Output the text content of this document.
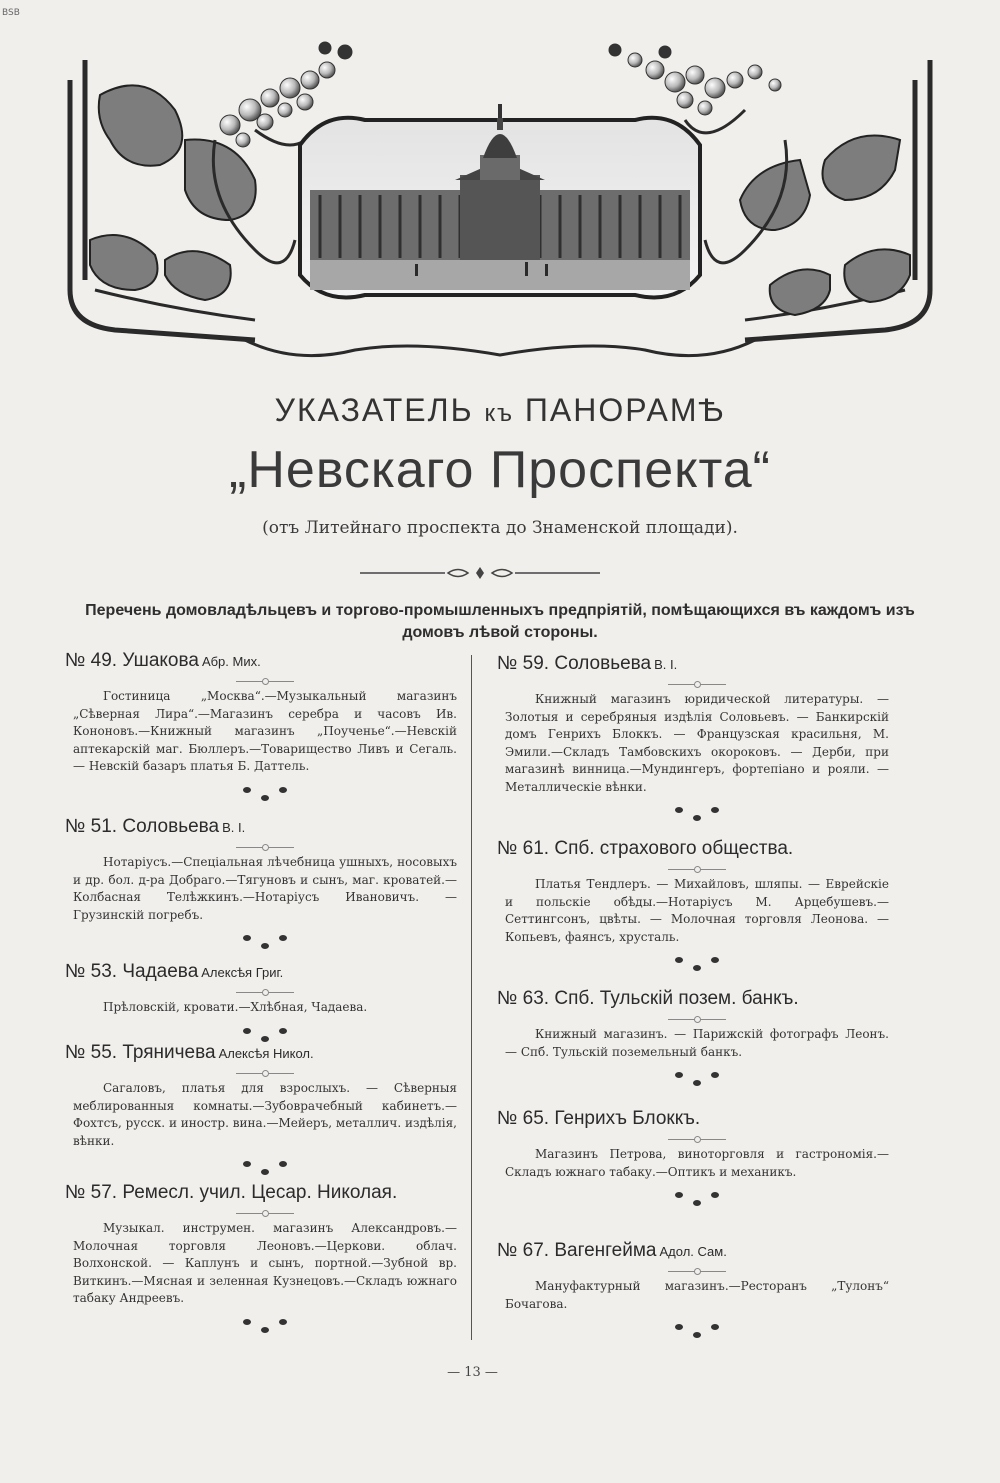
BSB
УКАЗАТЕЛЬ къ ПАНОРАМѢ
„Невскаго Проспекта“
(отъ Литейнаго проспекта до Знаменской площади).
Перечень домовладѣльцевъ и торгово-промышленныхъ предпріятій, помѣщающихся въ каждомъ изъ домовъ лѣвой стороны.
№ 49. Ушакова Абр. Мих.
Гостиница „Москва“.—Музыкальный магазинъ „Сѣверная Лира“.—Магазинъ серебра и часовъ Ив. Кононовъ.—Книжный магазинъ „Поученье“.—Невскій аптекарскій маг. Бюллеръ.—Товарищество Ливъ и Сегаль. — Невскій базаръ платья Б. Даттель.
№ 51. Соловьева В. I.
Нотаріусъ.—Спеціальная лѣчебница ушныхъ, носовыхъ и др. бол. д-ра Добраго.—Тягуновъ и сынъ, маг. кроватей.—Колбасная Телѣжкинъ.—Нотаріусъ Ивановичъ. — Грузинскій погребъ.
№ 53. Чадаева Алексѣя Григ.
Прѣловскій, кровати.—Хлѣбная, Чадаева.
№ 55. Тряничева Алексѣя Никол.
Сагаловъ, платья для взрослыхъ. — Сѣверныя меблированныя комнаты.—Зубоврачебный кабинетъ.—Фохтсъ, русск. и иностр. вина.—Мейеръ, металлич. издѣлія, вѣнки.
№ 57. Ремесл. учил. Цесар. Николая.
Музыкал. инструмен. магазинъ Александровъ.—Молочная торговля Леоновъ.—Церкови. облач. Волхонской. — Каплунъ и сынъ, портной.—Зубной вр. Виткинъ.—Мясная и зеленная Кузнецовъ.—Складъ южнаго табаку Андреевъ.
№ 59. Соловьева В. I.
Книжный магазинъ юридической литературы. — Золотыя и серебряныя издѣлія Соловьевъ. — Банкирскій домъ Генрихъ Блоккъ. — Французская красильня, М. Эмили.—Складъ Тамбовскихъ окороковъ. — Дерби, при магазинѣ винница.—Мундингеръ, фортепіано и рояли. — Металлическіе вѣнки.
№ 61. Спб. страхового общества.
Платья Тендлеръ. — Михайловъ, шляпы. — Еврейскіе и польскіе обѣды.—Нотаріусъ М. Арцебушевъ.—Сеттингсонъ, цвѣты. — Молочная торговля Леонова. — Копьевъ, фаянсъ, хрусталь.
№ 63. Спб. Тульскій позем. банкъ.
Книжный магазинъ. — Парижскій фотографъ Леонъ. — Спб. Тульскій поземельный банкъ.
№ 65. Генрихъ Блоккъ.
Магазинъ Петрова, виноторговля и гастрономія.—Складъ южнаго табаку.—Оптикъ и механикъ.
№ 67. Вагенгейма Адол. Сам.
Мануфактурный магазинъ.—Ресторанъ „Тулонъ“ Бочагова.
— 13 —
